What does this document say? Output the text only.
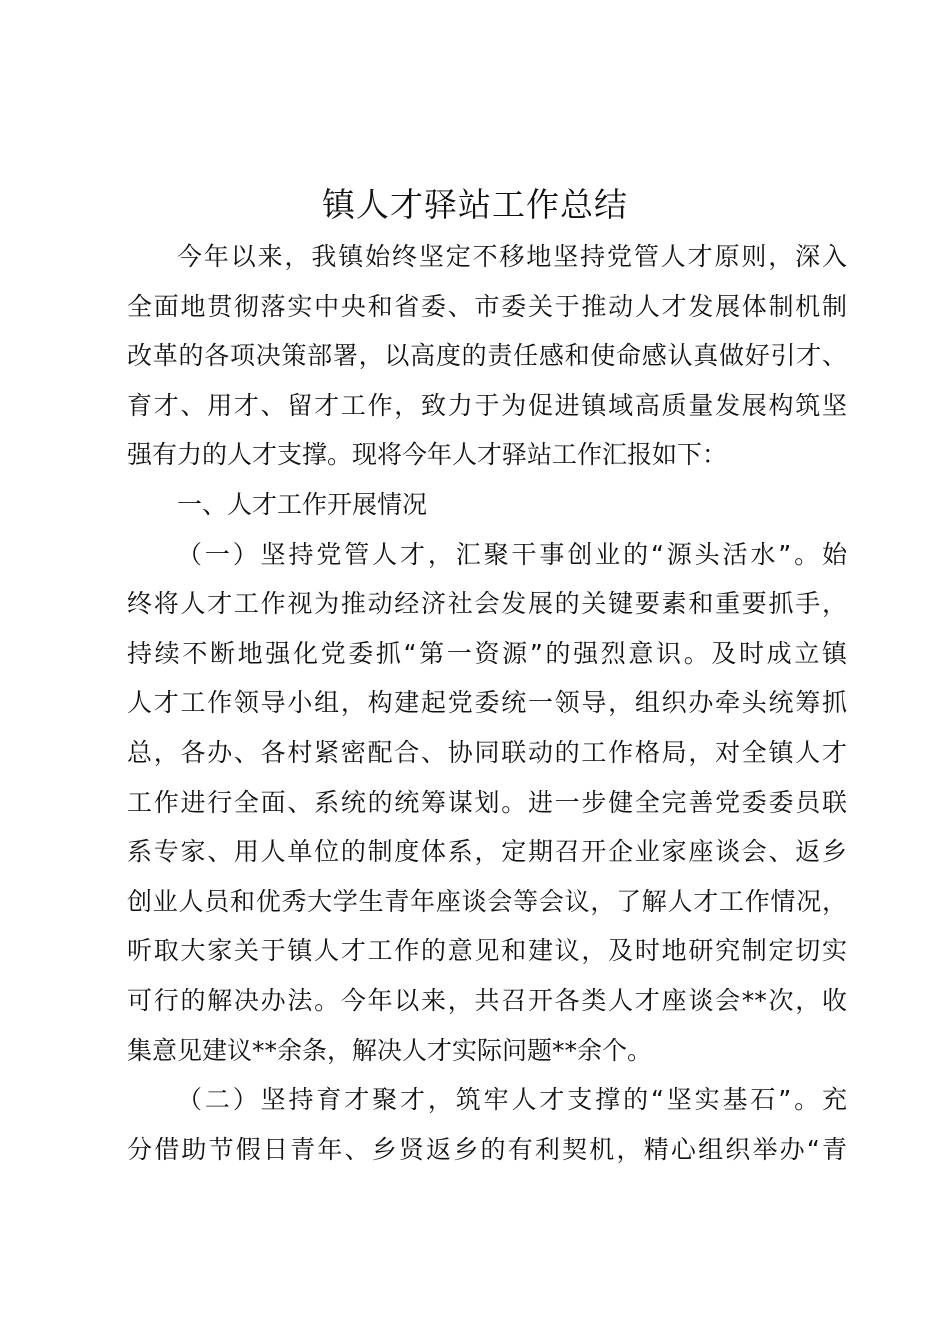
镇人才驿站工作总结
今年以来，我镇始终坚定不移地坚持党管人才原则，深入
全面地贯彻落实中央和省委、市委关于推动人才发展体制机制
改革的各项决策部署，以高度的责任感和使命感认真做好引才、
育才、用才、留才工作，致力于为促进镇域高质量发展构筑坚
强有力的人才支撑。现将今年人才驿站工作汇报如下：
一、人才工作开展情况
（一）坚持党管人才，汇聚干事创业的“源头活水”。始
终将人才工作视为推动经济社会发展的关键要素和重要抓手，
持续不断地强化党委抓“第一资源”的强烈意识。及时成立镇
人才工作领导小组，构建起党委统一领导，组织办牵头统筹抓
总，各办、各村紧密配合、协同联动的工作格局，对全镇人才
工作进行全面、系统的统筹谋划。进一步健全完善党委委员联
系专家、用人单位的制度体系，定期召开企业家座谈会、返乡
创业人员和优秀大学生青年座谈会等会议，了解人才工作情况，
听取大家关于镇人才工作的意见和建议，及时地研究制定切实
可行的解决办法。今年以来，共召开各类人才座谈会**次，收
集意见建议**余条，解决人才实际问题**余个。
（二）坚持育才聚才，筑牢人才支撑的“坚实基石”。充
分借助节假日青年、乡贤返乡的有利契机，精心组织举办“青
